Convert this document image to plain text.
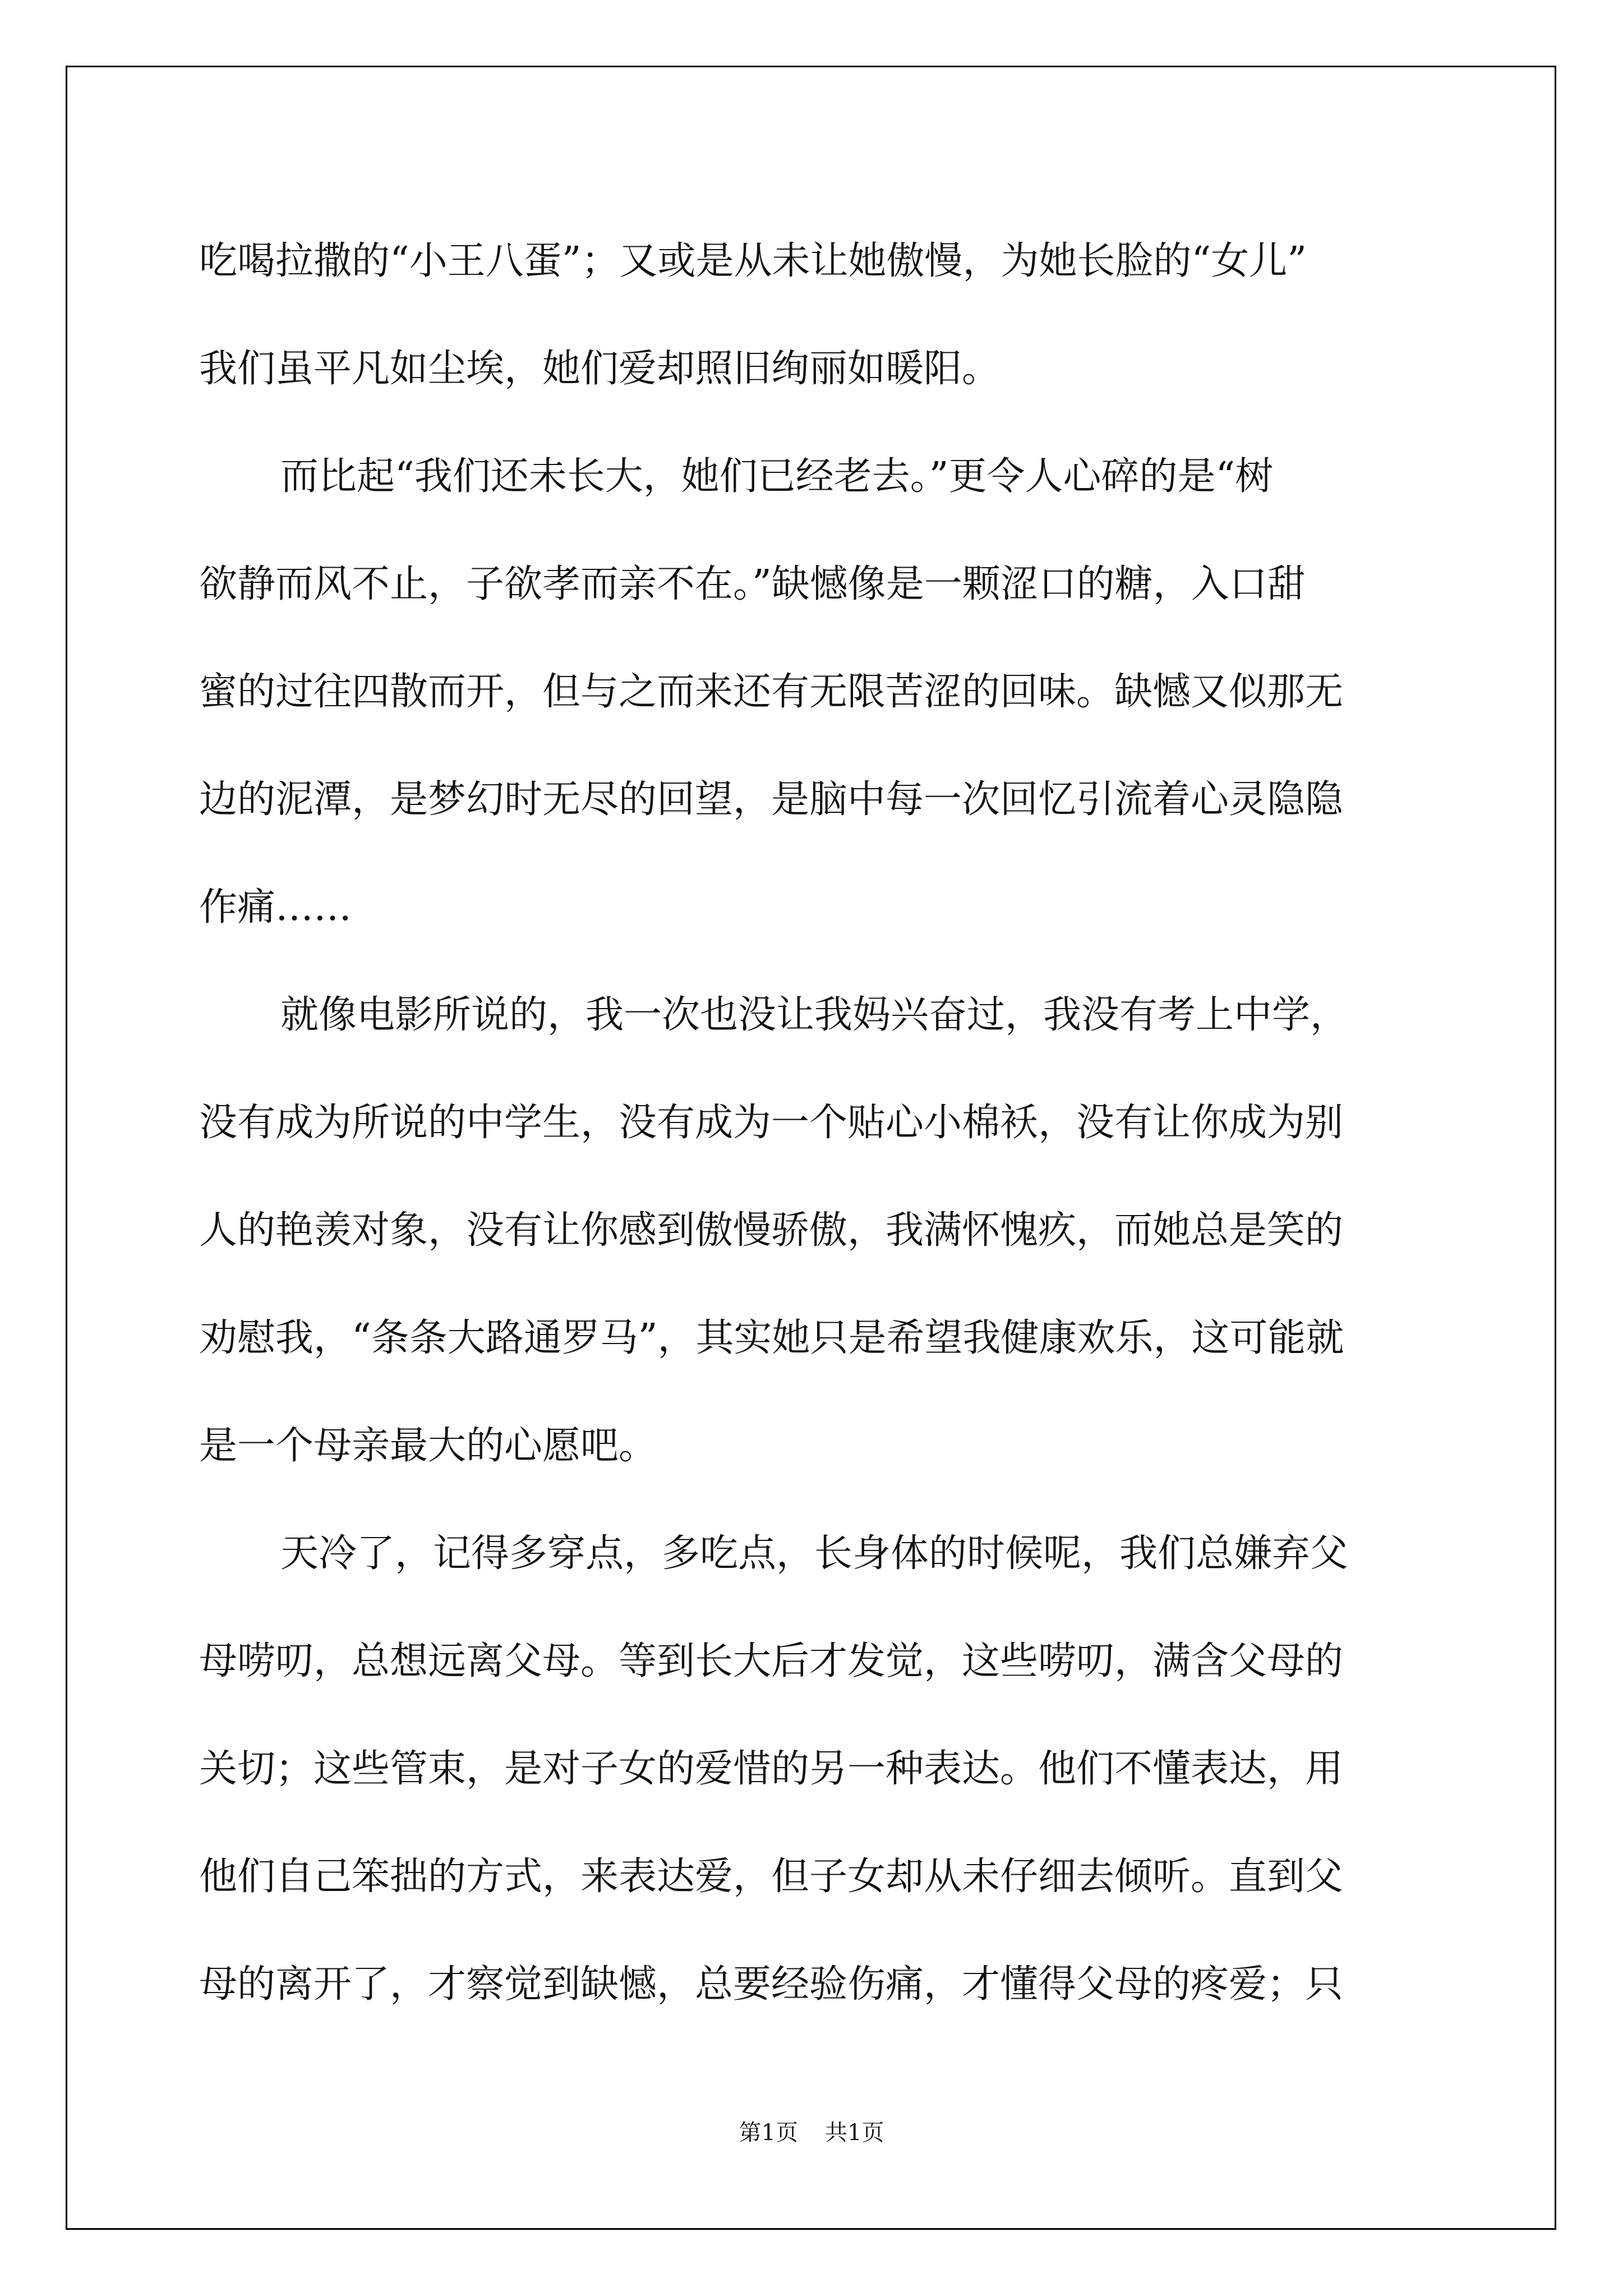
吃喝拉撒的“小王八蛋”；又或是从未让她傲慢，为她长脸的“女儿”
我们虽平凡如尘埃，她们爱却照旧绚丽如暖阳。
而比起“我们还未长大，她们已经老去。”更令人心碎的是“树
欲静而风不止，子欲孝而亲不在。”缺憾像是一颗涩口的糖，入口甜
蜜的过往四散而开，但与之而来还有无限苦涩的回味。缺憾又似那无
边的泥潭，是梦幻时无尽的回望，是脑中每一次回忆引流着心灵隐隐
作痛……
就像电影所说的，我一次也没让我妈兴奋过，我没有考上中学，
没有成为所说的中学生，没有成为一个贴心小棉袄，没有让你成为别
人的艳羡对象，没有让你感到傲慢骄傲，我满怀愧疚，而她总是笑的
劝慰我，“条条大路通罗马”，其实她只是希望我健康欢乐，这可能就
是一个母亲最大的心愿吧。
天冷了，记得多穿点，多吃点，长身体的时候呢，我们总嫌弃父
母唠叨，总想远离父母。等到长大后才发觉，这些唠叨，满含父母的
关切；这些管束，是对子女的爱惜的另一种表达。他们不懂表达，用
他们自己笨拙的方式，来表达爱，但子女却从未仔细去倾听。直到父
母的离开了，才察觉到缺憾，总要经验伤痛，才懂得父母的疼爱；只
第1页 共1页
